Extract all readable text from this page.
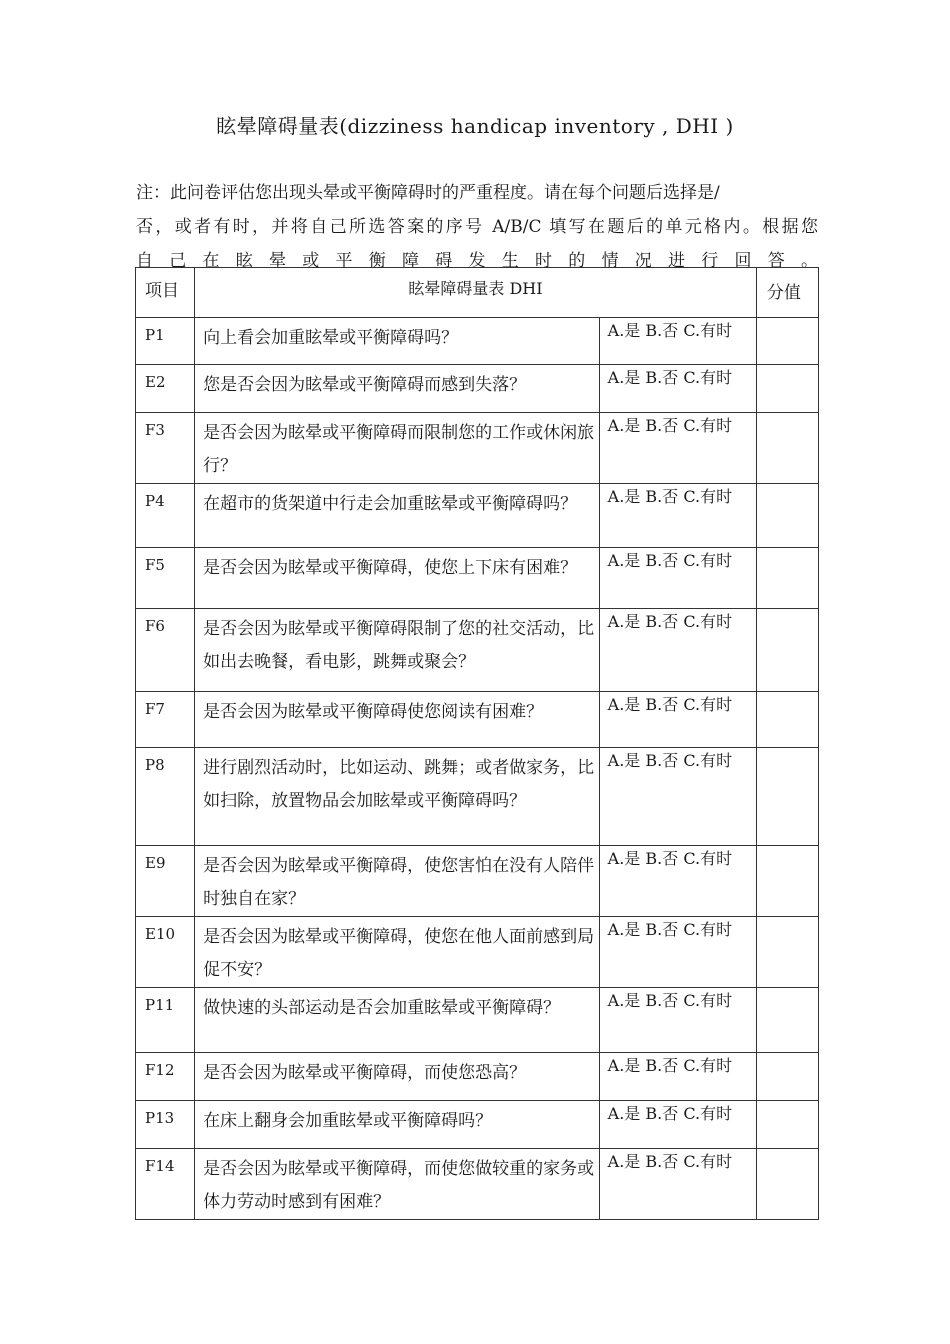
眩晕障碍量表(dizziness handicap inventory , DHI )

注：此问卷评估您出现头晕或平衡障碍时的严重程度。请在每个问题后选择是/

否，或者有时，并将自己所选答案的序号 A/B/C 填写在题后的单元格内。根据您

自己在眩晕或平衡障碍发生时的情况进行回答。

项目	眩晕障碍量表 DHI		分值
P1	向上看会加重眩晕或平衡障碍吗？	A.是 B.否 C.有时	
E2	您是否会因为眩晕或平衡障碍而感到失落？	A.是 B.否 C.有时	
F3	是否会因为眩晕或平衡障碍而限制您的工作或休闲旅行？	A.是 B.否 C.有时	
P4	在超市的货架道中行走会加重眩晕或平衡障碍吗？	A.是 B.否 C.有时	
F5	是否会因为眩晕或平衡障碍，使您上下床有困难？	A.是 B.否 C.有时	
F6	是否会因为眩晕或平衡障碍限制了您的社交活动，比如出去晚餐，看电影，跳舞或聚会？	A.是 B.否 C.有时	
F7	是否会因为眩晕或平衡障碍使您阅读有困难？	A.是 B.否 C.有时	
P8	进行剧烈活动时，比如运动、跳舞；或者做家务，比如扫除，放置物品会加眩晕或平衡障碍吗？	A.是 B.否 C.有时	
E9	是否会因为眩晕或平衡障碍，使您害怕在没有人陪伴时独自在家？	A.是 B.否 C.有时	
E10	是否会因为眩晕或平衡障碍，使您在他人面前感到局促不安？	A.是 B.否 C.有时	
P11	做快速的头部运动是否会加重眩晕或平衡障碍？	A.是 B.否 C.有时	
F12	是否会因为眩晕或平衡障碍，而使您恐高？	A.是 B.否 C.有时	
P13	在床上翻身会加重眩晕或平衡障碍吗？	A.是 B.否 C.有时	
F14	是否会因为眩晕或平衡障碍，而使您做较重的家务或体力劳动时感到有困难？	A.是 B.否 C.有时	
